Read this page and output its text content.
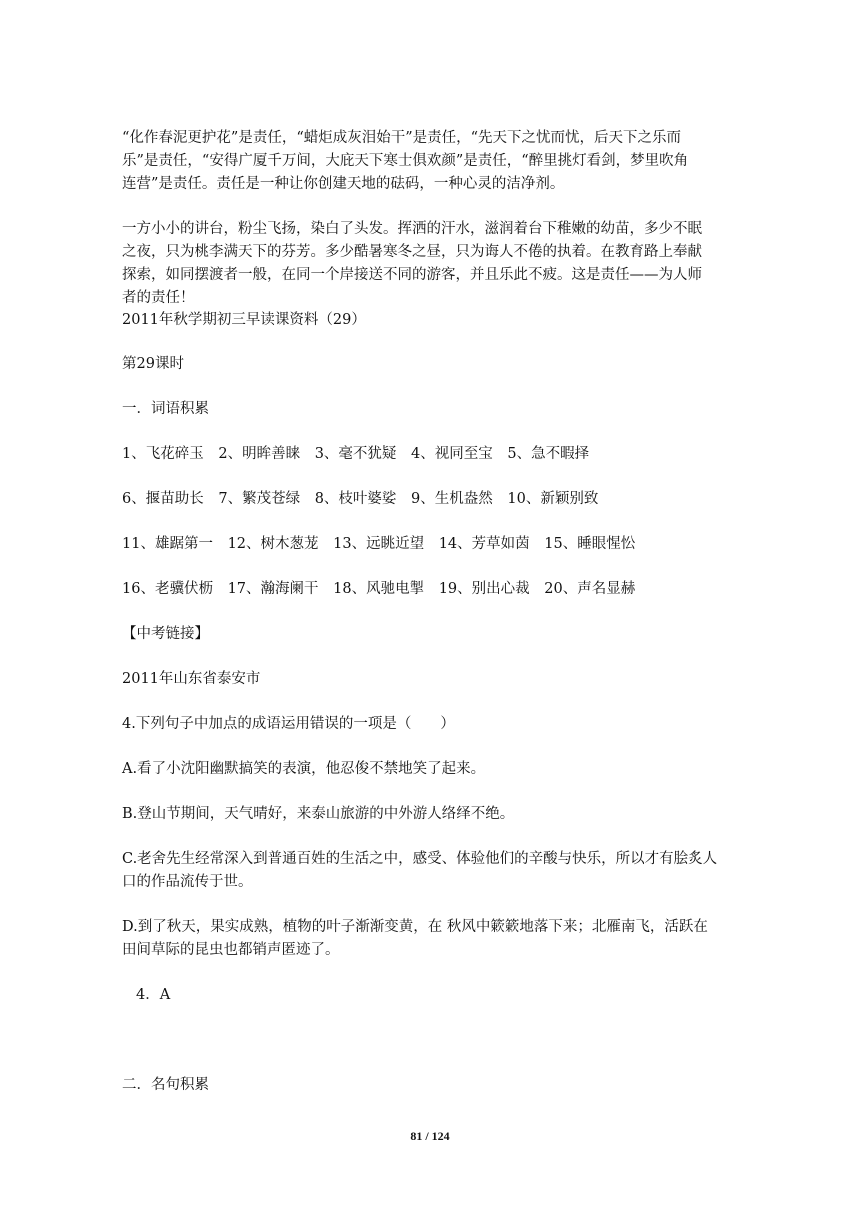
“化作春泥更护花”是责任，“蜡炬成灰泪始干”是责任，“先天下之忧而忧，后天下之乐而
乐”是责任，“安得广厦千万间，大庇天下寒士俱欢颜”是责任，“醉里挑灯看剑，梦里吹角
连营”是责任。责任是一种让你创建天地的砝码，一种心灵的洁净剂。
一方小小的讲台，粉尘飞扬，染白了头发。挥洒的汗水，滋润着台下稚嫩的幼苗，多少不眠
之夜，只为桃李满天下的芬芳。多少酷暑寒冬之昼，只为诲人不倦的执着。在教育路上奉献
探索，如同摆渡者一般，在同一个岸接送不同的游客，并且乐此不疲。这是责任——为人师
者的责任！
2011年秋学期初三早读课资料（29）
第29课时
一．词语积累
1、飞花碎玉 2、明眸善睐 3、毫不犹疑 4、视同至宝 5、急不暇择
6、揠苗助长 7、繁茂苍绿 8、枝叶婆娑 9、生机盎然 10、新颖别致
11、雄踞第一 12、树木葱茏 13、远眺近望 14、芳草如茵 15、睡眼惺忪
16、老骥伏枥 17、瀚海阑干 18、风驰电掣 19、别出心裁 20、声名显赫
【中考链接】
2011年山东省泰安市
4.下列句子中加点的成语运用错误的一项是（　　）
A.看了小沈阳幽默搞笑的表演，他忍俊不禁地笑了起来。
B.登山节期间，天气晴好，来泰山旅游的中外游人络绎不绝。
C.老舍先生经常深入到普通百姓的生活之中，感受、体验他们的辛酸与快乐，所以才有脍炙人
口的作品流传于世。
D.到了秋天，果实成熟，植物的叶子渐渐变黄，在 秋风中簌簌地落下来；北雁南飞，活跃在
田间草际的昆虫也都销声匿迹了。
4．A
二．名句积累
81 / 124
